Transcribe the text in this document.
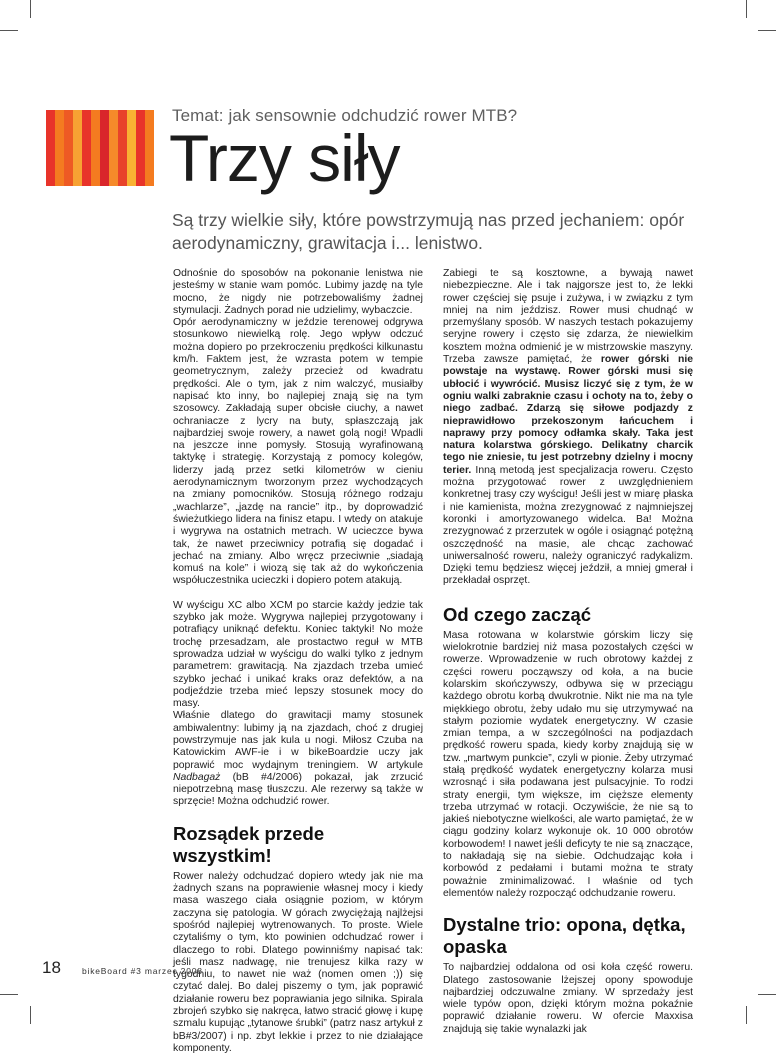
Temat: jak sensownie odchudzić rower MTB?
Trzy siły
Są trzy wielkie siły, które powstrzymują nas przed jechaniem: opór aerodynamiczny, grawitacja i... lenistwo.

Odnośnie do sposobów na pokonanie lenistwa nie jesteśmy w stanie wam pomóc. Lubimy jazdę na tyle mocno, że nigdy nie potrzebowaliśmy żadnej stymulacji. Żadnych porad nie udzielimy, wybaczcie.

Opór aerodynamiczny w jeździe terenowej odgrywa stosunkowo niewielką rolę. Jego wpływ odczuć można dopiero po przekroczeniu prędkości kilkunastu km/h. Faktem jest, że wzrasta potem w tempie geometrycznym, zależy przecież od kwadratu prędkości. Ale o tym, jak z nim walczyć, musiałby napisać kto inny, bo najlepiej znają się na tym szosowcy. Zakładają super obcisłe ciuchy, a nawet ochraniacze z lycry na buty, spłaszczają jak najbardziej swoje rowery, a nawet golą nogi! Wpadli na jeszcze inne pomysły. Stosują wyrafinowaną taktykę i strategię. Korzystają z pomocy kolegów, liderzy jadą przez setki kilometrów w cieniu aerodynamicznym tworzonym przez wychodzących na zmiany pomocników. Stosują różnego rodzaju „wachlarze”, „jazdę na rancie” itp., by doprowadzić świeżutkiego lidera na finisz etapu. I wtedy on atakuje i wygrywa na ostatnich metrach. W ucieczce bywa tak, że nawet przeciwnicy potrafią się dogadać i jechać na zmiany. Albo wręcz przeciwnie „siadają komuś na kole” i wiozą się tak aż do wykończenia współuczestnika ucieczki i dopiero potem atakują.

W wyścigu XC albo XCM po starcie każdy jedzie tak szybko jak może. Wygrywa najlepiej przygotowany i potrafiący uniknąć defektu. Koniec taktyki! No może trochę przesadzam, ale prostactwo reguł w MTB sprowadza udział w wyścigu do walki tylko z jednym parametrem: grawitacją. Na zjazdach trzeba umieć szybko jechać i unikać kraks oraz defektów, a na podjeździe trzeba mieć lepszy stosunek mocy do masy.

Właśnie dlatego do grawitacji mamy stosunek ambiwalentny: lubimy ją na zjazdach, choć z drugiej powstrzymuje nas jak kula u nogi. Miłosz Czuba na Katowickim AWF-ie i w bikeBoardzie uczy jak poprawić moc wydajnym treningiem. W artykule Nadbagaż (bB #4/2006) pokazał, jak zrzucić niepotrzebną masę tłuszczu. Ale rezerwy są także w sprzęcie! Można odchudzić rower.

Rozsądek przede wszystkim!

Rower należy odchudzać dopiero wtedy jak nie ma żadnych szans na poprawienie własnej mocy i kiedy masa waszego ciała osiągnie poziom, w którym zaczyna się patologia. W górach zwyciężają najlżejsi spośród najlepiej wytrenowanych. To proste. Wiele czytaliśmy o tym, kto powinien odchudzać rower i dlaczego to robi. Dlatego powinniśmy napisać tak: jeśli masz nadwagę, nie trenujesz kilka razy w tygodniu, to nawet nie waż (nomen omen ;)) się czytać dalej. Bo dalej piszemy o tym, jak poprawić działanie roweru bez poprawiania jego silnika. Spirala zbrojeń szybko się nakręca, łatwo stracić głowę i kupę szmalu kupując „tytanowe śrubki” (patrz nasz artykuł z bB#3/2007) i np. zbyt lekkie i przez to nie działające komponenty.

Zabiegi te są kosztowne, a bywają nawet niebezpieczne. Ale i tak najgorsze jest to, że lekki rower częściej się psuje i zużywa, i w związku z tym mniej na nim jeździsz. Rower musi chudnąć w przemyślany sposób. W naszych testach pokazujemy seryjne rowery i często się zdarza, że niewielkim kosztem można odmienić je w mistrzowskie maszyny. Trzeba zawsze pamiętać, że rower górski nie powstaje na wystawę. Rower górski musi się ubłocić i wywrócić. Musisz liczyć się z tym, że w ogniu walki zabraknie czasu i ochoty na to, żeby o niego zadbać. Zdarzą się siłowe podjazdy z nieprawidłowo przekoszonym łańcuchem i naprawy przy pomocy odłamka skały. Taka jest natura kolarstwa górskiego. Delikatny charcik tego nie zniesie, tu jest potrzebny dzielny i mocny terier. Inną metodą jest specjalizacja roweru. Często można przygotować rower z uwzględnieniem konkretnej trasy czy wyścigu! Jeśli jest w miarę płaska i nie kamienista, można zrezygnować z najmniejszej koronki i amortyzowanego widelca. Ba! Można zrezygnować z przerzutek w ogóle i osiągnąć potężną oszczędność na masie, ale chcąc zachować uniwersalność roweru, należy ograniczyć radykalizm. Dzięki temu będziesz więcej jeździł, a mniej gmerał i przekładał osprzęt.

Od czego zacząć

Masa rotowana w kolarstwie górskim liczy się wielokrotnie bardziej niż masa pozostałych części w rowerze. Wprowadzenie w ruch obrotowy każdej z części roweru począwszy od koła, a na bucie kolarskim skończywszy, odbywa się w przeciągu każdego obrotu korbą dwukrotnie. Nikt nie ma na tyle miękkiego obrotu, żeby udało mu się utrzymywać na stałym poziomie wydatek energetyczny. W czasie zmian tempa, a w szczególności na podjazdach prędkość roweru spada, kiedy korby znajdują się w tzw. „martwym punkcie”, czyli w pionie. Żeby utrzymać stałą prędkość wydatek energetyczny kolarza musi wzrosnąć i siła podawana jest pulsacyjnie. To rodzi straty energii, tym większe, im cięższe elementy trzeba utrzymać w rotacji. Oczywiście, że nie są to jakieś niebotyczne wielkości, ale warto pamiętać, że w ciągu godziny kolarz wykonuje ok. 10 000 obrotów korbowodem! I nawet jeśli deficyty te nie są znaczące, to nakładają się na siebie. Odchudzając koła i korbowód z pedałami i butami można te straty poważnie zminimalizować. I właśnie od tych elementów należy rozpocząć odchudzanie roweru.

Dystalne trio: opona, dętka, opaska

To najbardziej oddalona od osi koła część roweru. Dlatego zastosowanie lżejszej opony spowoduje najbardziej odczuwalne zmiany. W sprzedaży jest wiele typów opon, dzięki którym można pokaźnie poprawić działanie roweru. W ofercie Maxxisa znajdują się takie wynalazki jak

18 bikeBoard #3 marzec 2008
